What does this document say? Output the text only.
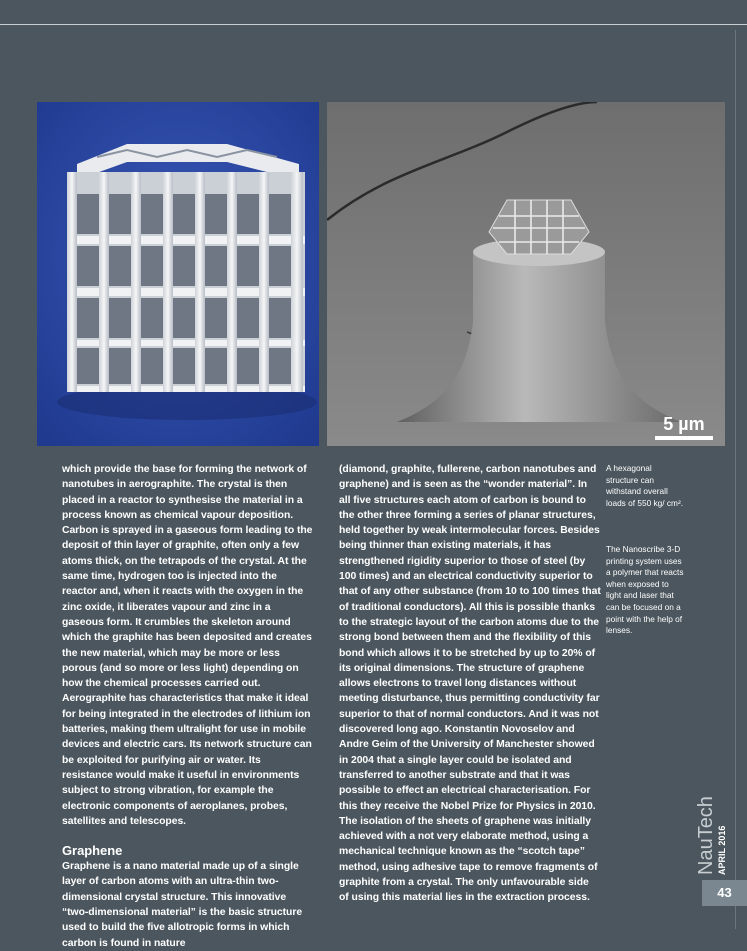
5 µm

which provide the base for forming the network of nanotubes in aerographite. The crystal is then placed in a reactor to synthesise the material in a process known as chemical vapour deposition. Carbon is sprayed in a gaseous form leading to the deposit of thin layer of graphite, often only a few atoms thick, on the tetrapods of the crystal. At the same time, hydrogen too is injected into the reactor and, when it reacts with the oxygen in the zinc oxide, it liberates vapour and zinc in a gaseous form. It crumbles the skeleton around which the graphite has been deposited and creates the new material, which may be more or less porous (and so more or less light) depending on how the chemical processes carried out. Aerographite has characteristics that make it ideal for being integrated in the electrodes of lithium ion batteries, making them ultralight for use in mobile devices and electric cars. Its network structure can be exploited for purifying air or water. Its resistance would make it useful in environments subject to strong vibration, for example the electronic components of aeroplanes, probes, satellites and telescopes.

Graphene

Graphene is a nano material made up of a single layer of carbon atoms with an ultra-thin two-dimensional crystal structure. This innovative “two-dimensional material” is the basic structure used to build the five allotropic forms in which carbon is found in nature

(diamond, graphite, fullerene, carbon nanotubes and graphene) and is seen as the “wonder material”. In all five structures each atom of carbon is bound to the other three forming a series of planar structures, held together by weak intermolecular forces. Besides being thinner than existing materials, it has strengthened rigidity superior to those of steel (by 100 times) and an electrical conductivity superior to that of any other substance (from 10 to 100 times that of traditional conductors). All this is possible thanks to the strategic layout of the carbon atoms due to the strong bond between them and the flexibility of this bond which allows it to be stretched by up to 20% of its original dimensions. The structure of graphene allows electrons to travel long distances without meeting disturbance, thus permitting conductivity far superior to that of normal conductors. And it was not discovered long ago. Konstantin Novoselov and Andre Geim of the University of Manchester showed in 2004 that a single layer could be isolated and transferred to another substrate and that it was possible to effect an electrical characterisation. For this they receive the Nobel Prize for Physics in 2010. The isolation of the sheets of graphene was initially achieved with a not very elaborate method, using a mechanical technique known as the “scotch tape” method, using adhesive tape to remove fragments of graphite from a crystal. The only unfavourable side of using this material lies in the extraction process.

A hexagonal structure can withstand overall loads of 550 kg/ cm².
The Nanoscribe 3-D printing system uses a polymer that reacts when exposed to light and laser that can be focused on a point with the help of lenses.
NauTech APRIL 2016
43
